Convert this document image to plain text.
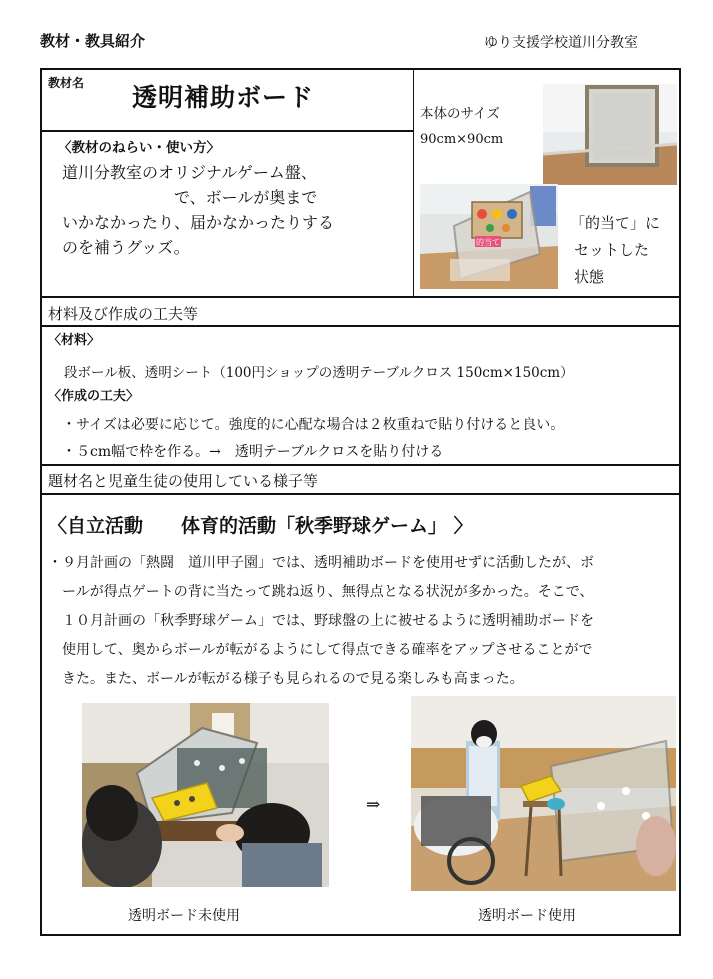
教材・教具紹介	ゆり支援学校道川分教室
教材名 透明補助ボード
〈教材のねらい・使い方〉
道川分教室のオリジナルゲーム盤、
　　　　　　　で、ボールが奥まで
いかなかったり、届かなかったりする
のを補うグッズ。
本体のサイズ
90cm×90cm
的当て
「的当て」に
セットした
状態
材料及び作成の工夫等
〈材料〉
段ボール板、透明シート（100円ショップの透明テーブルクロス 150cm×150cm）
〈作成の工夫〉
・サイズは必要に応じて。強度的に心配な場合は２枚重ねで貼り付けると良い。
・５cm幅で枠を作る。→　透明テーブルクロスを貼り付ける
題材名と児童生徒の使用している様子等
〈自立活動　　体育的活動「秋季野球ゲーム」 〉
・９月計画の「熱闘　道川甲子園」では、透明補助ボードを使用せずに活動したが、ボ
　ールが得点ゲートの背に当たって跳ね返り、無得点となる状況が多かった。そこで、
　１０月計画の「秋季野球ゲーム」では、野球盤の上に被せるように透明補助ボードを
　使用して、奥からボールが転がるようにして得点できる確率をアップさせることがで
　きた。また、ボールが転がる様子も見られるので見る楽しみも高まった。
⇒
透明ボード未使用	透明ボード使用
